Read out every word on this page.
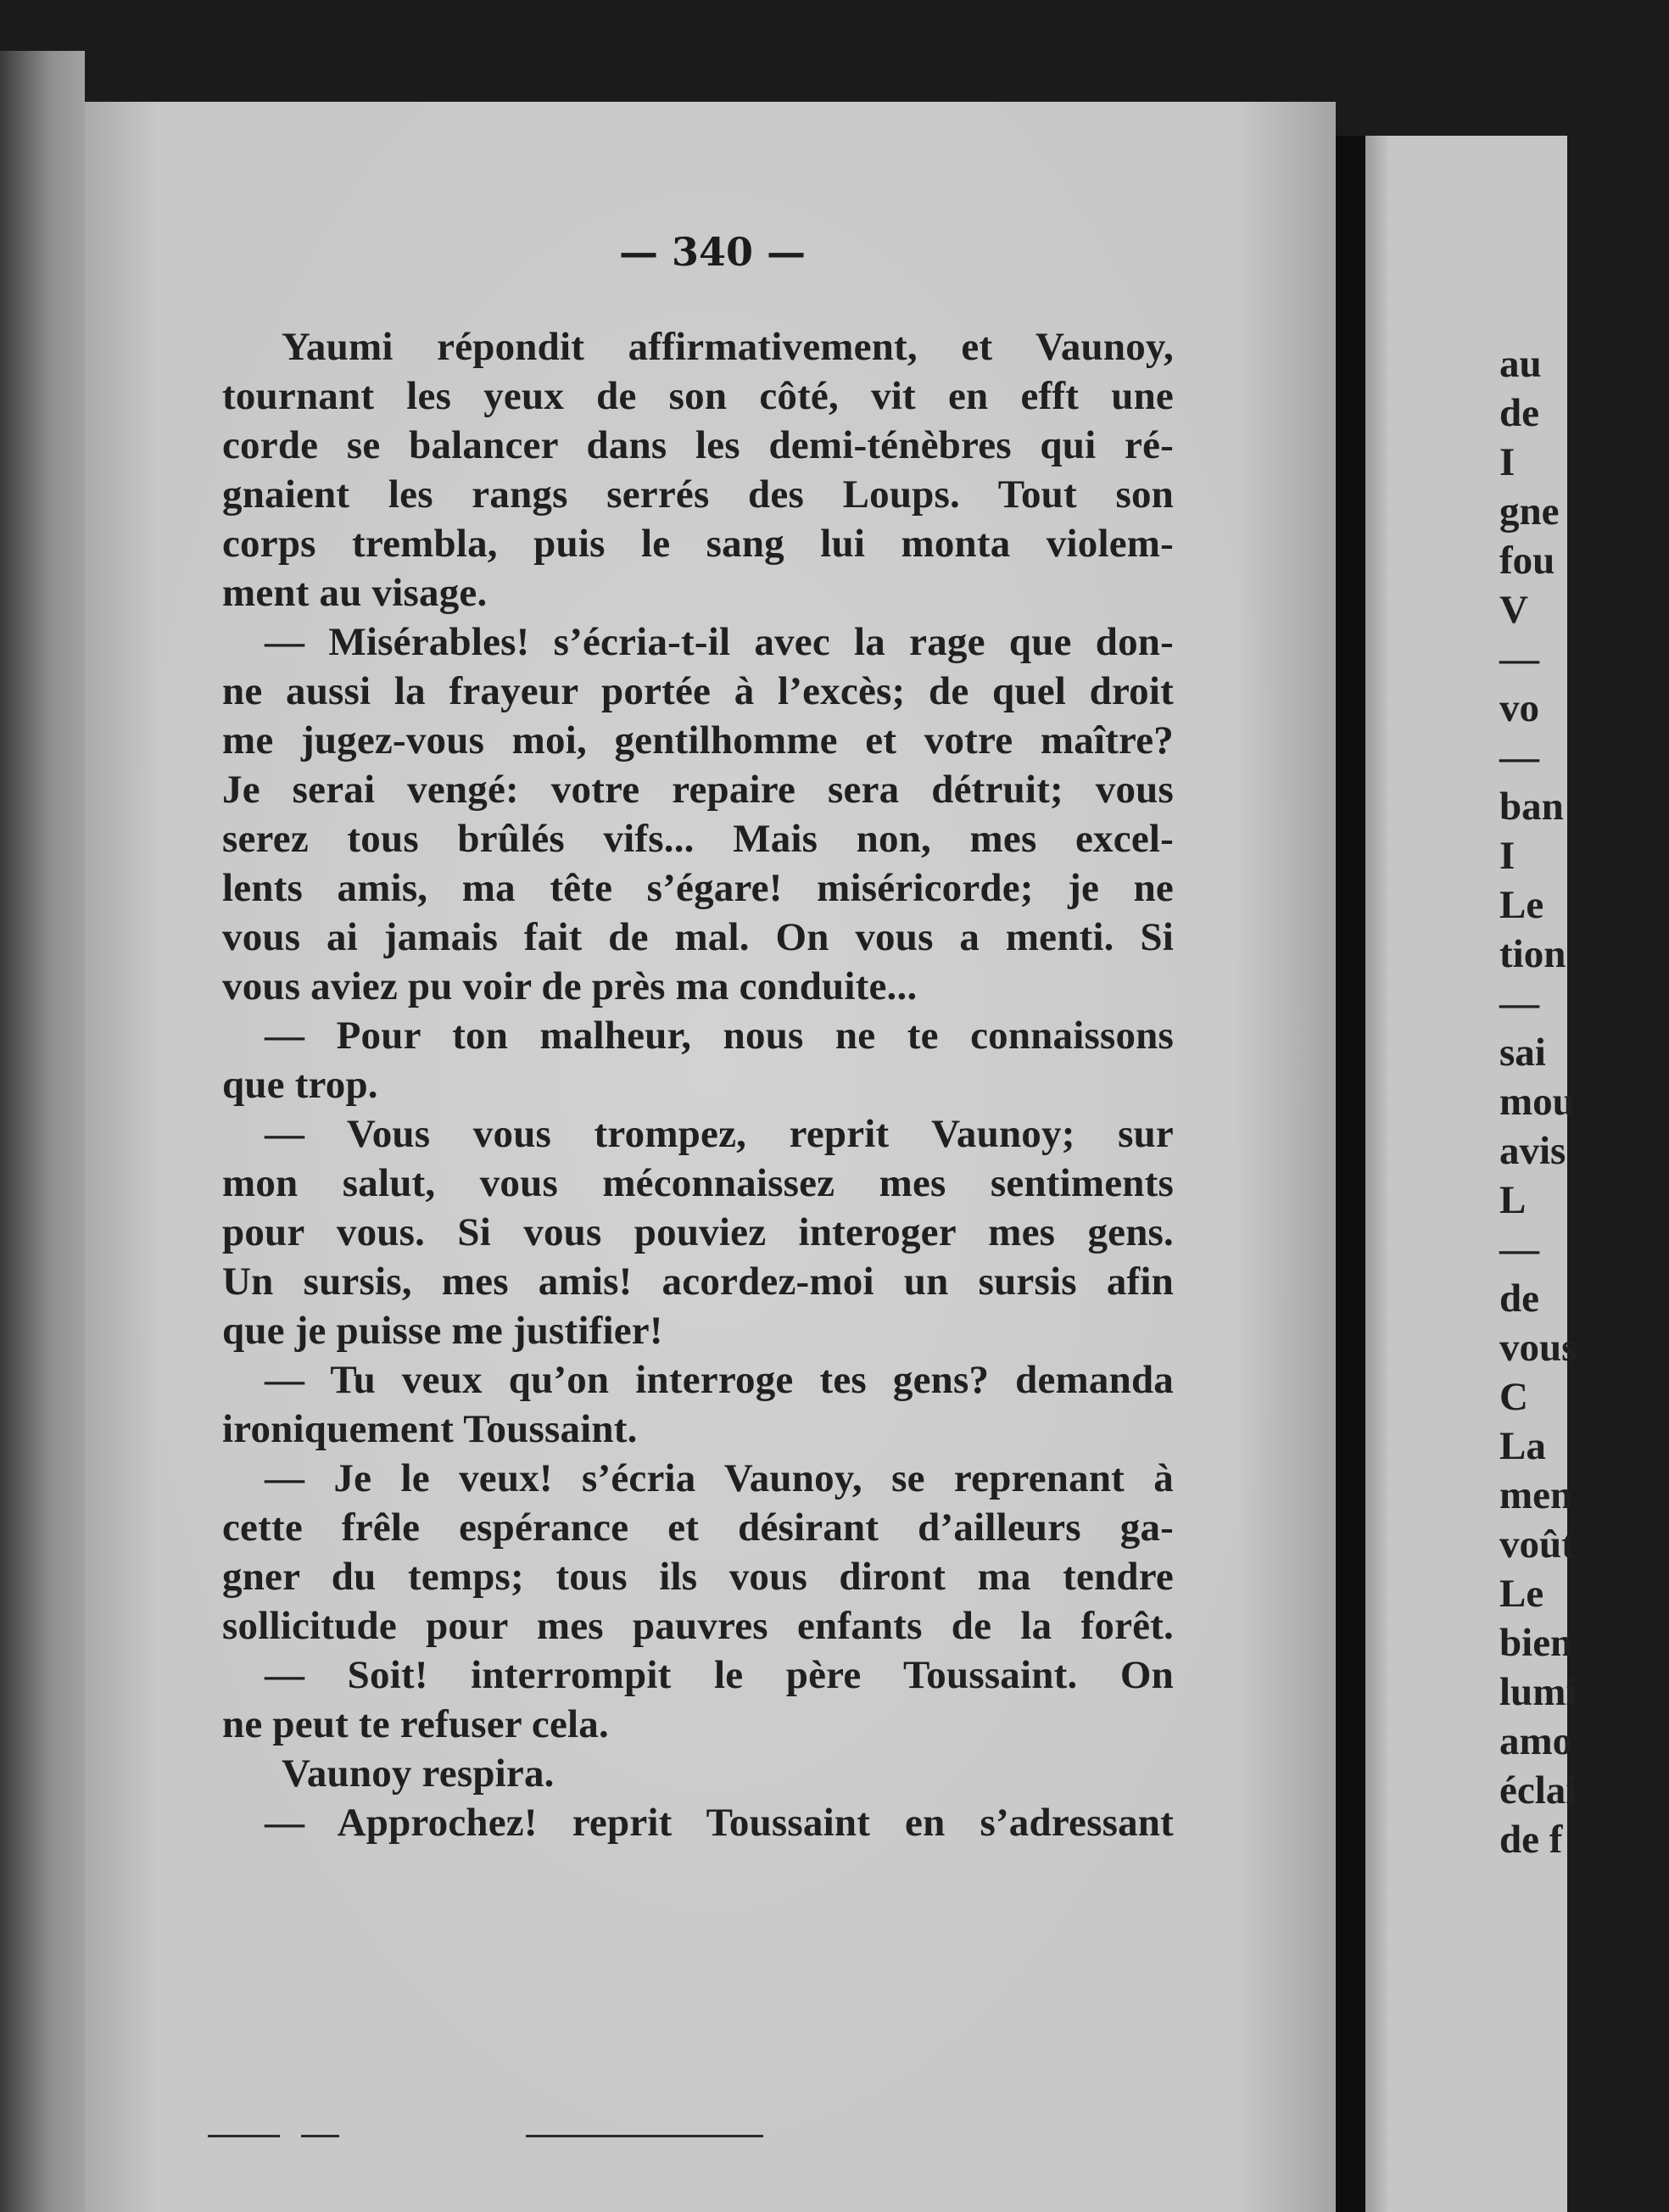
— 340 —
Yaumi répondit affirmativement, et Vaunoy,
tournant les yeux de son côté, vit en efft une
corde se balancer dans les demi-ténèbres qui ré-
gnaient les rangs serrés des Loups. Tout son
corps trembla, puis le sang lui monta violem-
ment au visage.
— Misérables! s’écria-t-il avec la rage que don-
ne aussi la frayeur portée à l’excès; de quel droit
me jugez-vous moi, gentilhomme et votre maître?
Je serai vengé: votre repaire sera détruit; vous
serez tous brûlés vifs... Mais non, mes excel-
lents amis, ma tête s’égare! miséricorde; je ne
vous ai jamais fait de mal. On vous a menti. Si
vous aviez pu voir de près ma conduite...
— Pour ton malheur, nous ne te connaissons
que trop.
— Vous vous trompez, reprit Vaunoy; sur
mon salut, vous méconnaissez mes sentiments
pour vous. Si vous pouviez interoger mes gens.
Un sursis, mes amis! acordez-moi un sursis afin
que je puisse me justifier!
— Tu veux qu’on interroge tes gens? demanda
ironiquement Toussaint.
— Je le veux! s’écria Vaunoy, se reprenant à
cette frêle espérance et désirant d’ailleurs ga-
gner du temps; tous ils vous diront ma tendre
sollicitude pour mes pauvres enfants de la forêt.
— Soit! interrompit le père Toussaint. On
ne peut te refuser cela.
Vaunoy respira.
— Approchez! reprit Toussaint en s’adressant
au
de
I
gne
fou
V
—
vo
—
ban
I
Le
tion
—
sai
mou
avis
L
—
de
vous
C
La
men
voût
Le
bien
lumi
amo
éclai
de f
